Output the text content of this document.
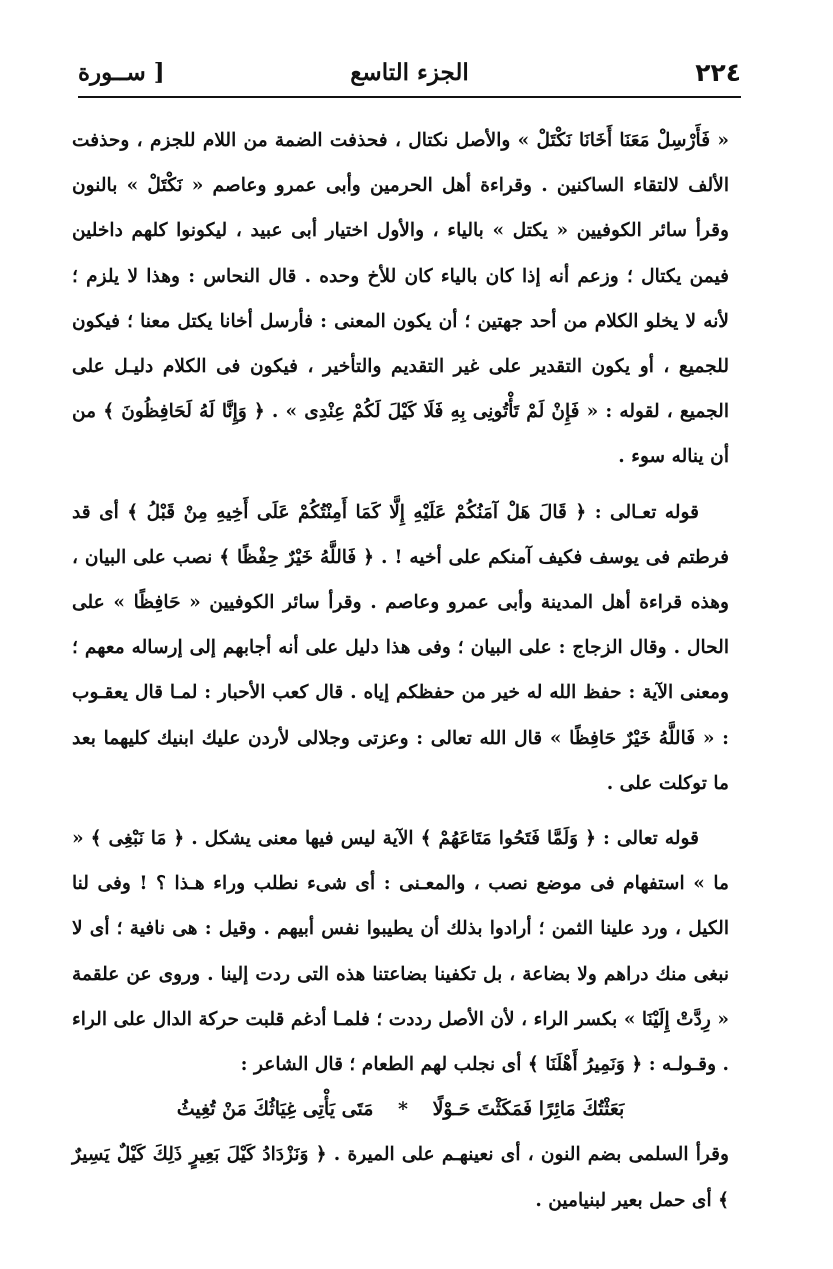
٢٢٤
الجزء التاسع
[ ســورة

« فَأَرْسِلْ مَعَنَا أَخَانَا نَكْتَلْ » والأصل نكتال ، فحذفت الضمة من اللام للجزم ، وحذفت الألف لالتقاء الساكنين . وقراءة أهل الحرمين وأبى عمرو وعاصم « نَكْتَلْ » بالنون وقرأ سائر الكوفيين « يكتل » بالياء ، والأول اختيار أبى عبيد ، ليكونوا كلهم داخلين فيمن يكتال ؛ وزعم أنه إذا كان بالياء كان للأخ وحده . قال النحاس : وهذا لا يلزم ؛ لأنه لا يخلو الكلام من أحد جهتين ؛ أن يكون المعنى : فأرسل أخانا يكتل معنا ؛ فيكون للجميع ، أو يكون التقدير على غير التقديم والتأخير ، فيكون فى الكلام دليـل على الجميع ، لقوله : « فَإِنْ لَمْ تَأْتُونِى بِهِ فَلَا كَيْلَ لَكُمْ عِنْدِى » . ﴿ وَإِنَّا لَهُ لَحَافِظُونَ ﴾ من أن يناله سوء .

قوله تعـالى : ﴿ قَالَ هَلْ آمَنُكُمْ عَلَيْهِ إِلَّا كَمَا أَمِنْتُكُمْ عَلَى أَخِيهِ مِنْ قَبْلُ ﴾ أى قد فرطتم فى يوسف فكيف آمنكم على أخيه ! . ﴿ فَاللَّهُ خَيْرٌ حِفْظًا ﴾ نصب على البيان ، وهذه قراءة أهل المدينة وأبى عمرو وعاصم . وقرأ سائر الكوفيين « حَافِظًا » على الحال . وقال الزجاج : على البيان ؛ وفى هذا دليل على أنه أجابهم إلى إرساله معهم ؛ ومعنى الآية : حفظ الله له خير من حفظكم إياه . قال كعب الأحبار : لمـا قال يعقـوب : « فَاللَّهُ خَيْرٌ حَافِظًا » قال الله تعالى : وعزتى وجلالى لأردن عليك ابنيك كليهما بعد ما توكلت على .

قوله تعالى : ﴿ وَلَمَّا فَتَحُوا مَتَاعَهُمْ ﴾ الآية ليس فيها معنى يشكل . ﴿ مَا نَبْغِى ﴾ « ما » استفهام فى موضع نصب ، والمعـنى : أى شىء نطلب وراء هـذا ؟ ! وفى لنا الكيل ، ورد علينا الثمن ؛ أرادوا بذلك أن يطيبوا نفس أبيهم . وقيل : هى نافية ؛ أى لا نبغى منك دراهم ولا بضاعة ، بل تكفينا بضاعتنا هذه التى ردت إلينا . وروى عن علقمة « رِدَّتْ إِلَيْنَا » بكسر الراء ، لأن الأصل رددت ؛ فلمـا أدغم قلبت حركة الدال على الراء . وقـولـه : ﴿ وَنَمِيرُ أَهْلَنَا ﴾ أى نجلب لهم الطعام ؛ قال الشاعر :

بَعَثْتُكَ مَائِرًا فَمَكَثْتَ حَـوْلًا * مَتَى يَأْتِى غِيَاثُكَ مَنْ تُغِيثُ

وقرأ السلمى بضم النون ، أى نعينهـم على الميرة . ﴿ وَنَزْدَادُ كَيْلَ بَعِيرٍ ذَلِكَ كَيْلٌ يَسِيرٌ ﴾ أى حمل بعير لبنيامين .
